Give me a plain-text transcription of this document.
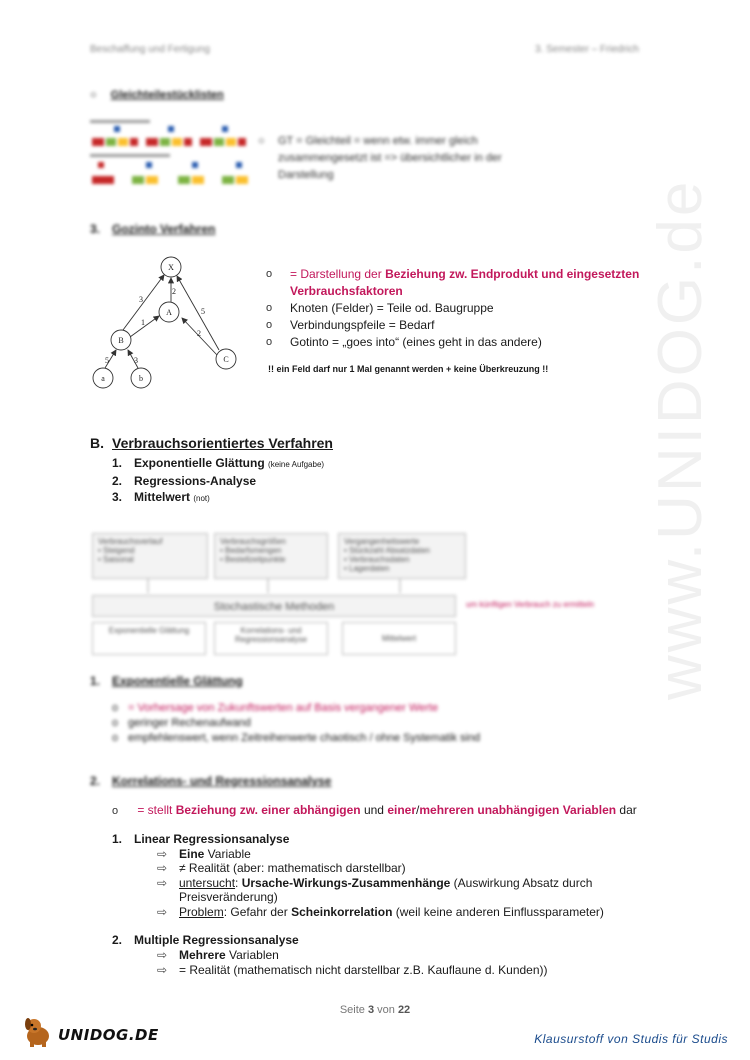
www.UNIDOG.de
Beschaffung und Fertigung	3. Semester – Friedrich
○ Gleichteilestücklisten
○ GT = Gleichteil = wenn etw. immer gleich
zusammengesetzt ist => übersichtlicher in der
Darstellung
3. Gozinto Verfahren
X
A
B
C
a	b
3
2
5
1
2
5	3
o	= Darstellung der Beziehung zw. Endprodukt und eingesetzten
Verbrauchsfaktoren
o	Knoten (Felder) = Teile od. Baugruppe
o	Verbindungspfeile = Bedarf
o	Gotinto = „goes into“ (eines geht in das andere)
!! ein Feld darf nur 1 Mal genannt werden + keine Überkreuzung !!
B. Verbrauchsorientiertes Verfahren
1. Exponentielle Glättung (keine Aufgabe)
2. Regressions-Analyse
3. Mittelwert (not)
Verbrauchsverlauf
• Steigend
• Saisonal
Verbrauchsgrößen
• Bedarfsmengen
• Bestellzeitpunkte
Vergangenheitswerte
• Stückzahl Absatzdaten
• Verbrauchsdaten
• Lagerdaten
Stochastische Methoden	um künftigen Verbrauch zu ermitteln
Exponentielle Glättung	Korrelations- und Regressionsanalyse	Mittelwert
1. Exponentielle Glättung
o = Vorhersage von Zukunftswerten auf Basis vergangener Werte
o geringer Rechenaufwand
o empfehlenswert, wenn Zeitreihenwerte chaotisch / ohne Systematik sind
2. Korrelations- und Regressionsanalyse
o = stellt Beziehung zw. einer abhängigen und einer/mehreren unabhängigen Variablen dar
1. Linear Regressionsanalyse
⇨ Eine Variable
⇨ ≠ Realität (aber: mathematisch darstellbar)
⇨ untersucht: Ursache-Wirkungs-Zusammenhänge (Auswirkung Absatz durch
Preisveränderung)
⇨ Problem: Gefahr der Scheinkorrelation (weil keine anderen Einflussparameter)
2. Multiple Regressionsanalyse
⇨ Mehrere Variablen
⇨ = Realität (mathematisch nicht darstellbar z.B. Kauflaune d. Kunden))
Seite 3 von 22
UNIDOG.DE	Klausurstoff von Studis für Studis
